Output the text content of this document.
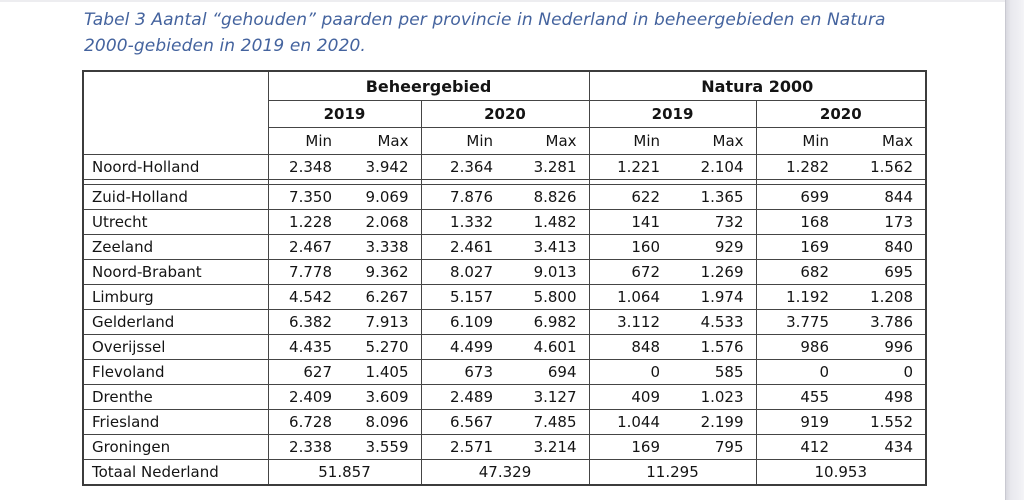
Tabel 3 Aantal “gehouden” paarden per provincie in Nederland in beheergebieden en Natura
2000-gebieden in 2019 en 2020.
	Beheergebied				Natura 2000			
	2019		2020		2019		2020	
	Min	Max	Min	Max	Min	Max	Min	Max
Noord-Holland	2.348	3.942	2.364	3.281	1.221	2.104	1.282	1.562

Zuid-Holland	7.350	9.069	7.876	8.826	622	1.365	699	844
Utrecht	1.228	2.068	1.332	1.482	141	732	168	173
Zeeland	2.467	3.338	2.461	3.413	160	929	169	840
Noord-Brabant	7.778	9.362	8.027	9.013	672	1.269	682	695
Limburg	4.542	6.267	5.157	5.800	1.064	1.974	1.192	1.208
Gelderland	6.382	7.913	6.109	6.982	3.112	4.533	3.775	3.786
Overijssel	4.435	5.270	4.499	4.601	848	1.576	986	996
Flevoland	627	1.405	673	694	0	585	0	0
Drenthe	2.409	3.609	2.489	3.127	409	1.023	455	498
Friesland	6.728	8.096	6.567	7.485	1.044	2.199	919	1.552
Groningen	2.338	3.559	2.571	3.214	169	795	412	434
Totaal Nederland	51.857		47.329		11.295		10.953	
